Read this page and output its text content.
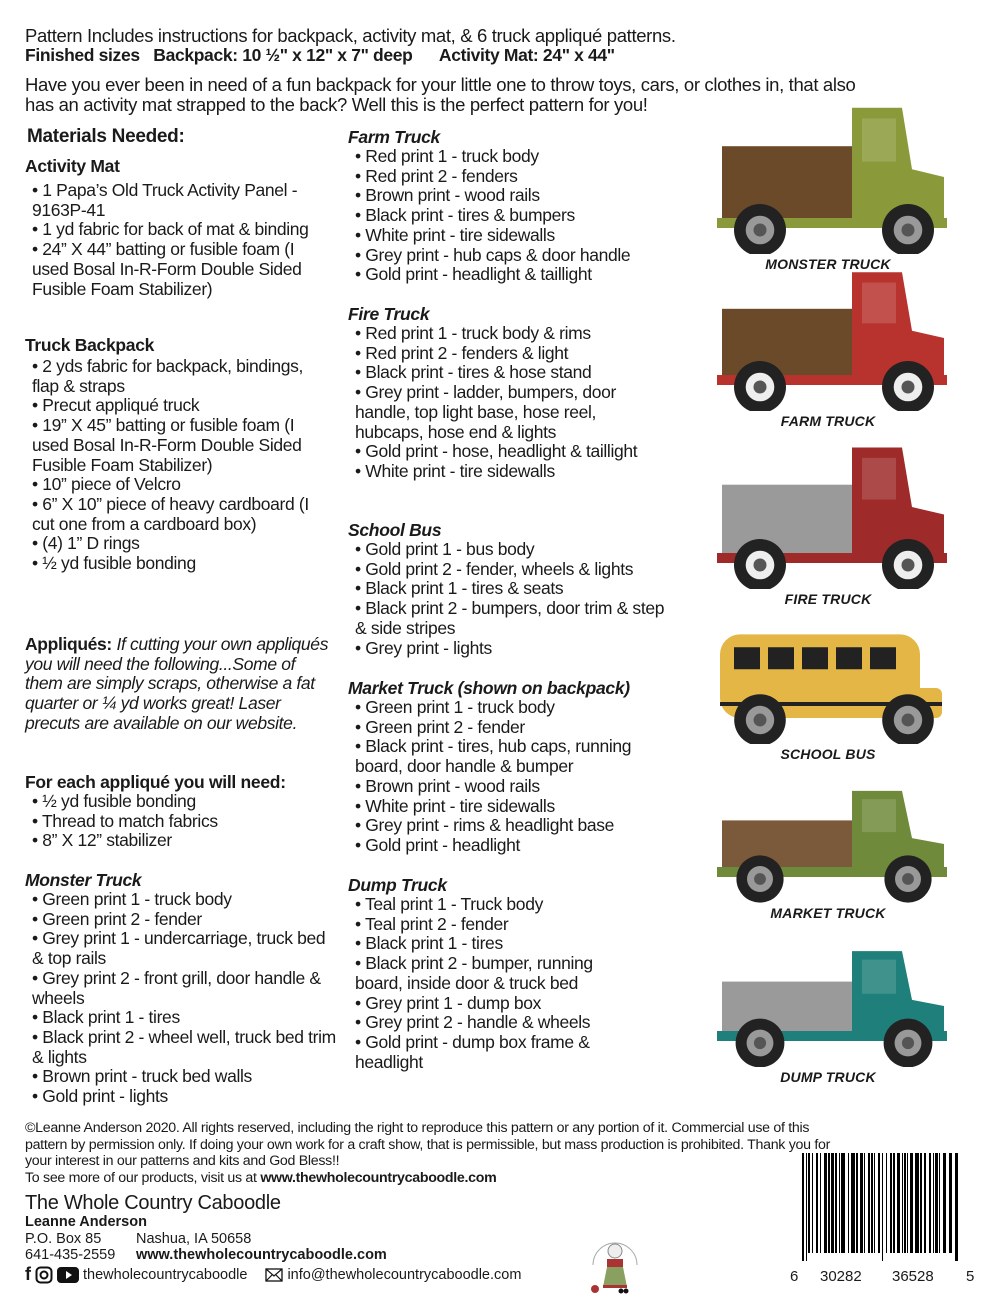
Pattern Includes instructions for backpack, activity mat, & 6 truck appliqué patterns.
Finished sizes Backpack: 10 ½" x 12" x 7" deep Activity Mat: 24" x 44"
Have you ever been in need of a fun backpack for your little one to throw toys, cars, or clothes in, that also
has an activity mat strapped to the back? Well this is the perfect pattern for you!
Materials Needed:
Activity Mat
• 1 Papa’s Old Truck Activity Panel - 9163P-41
• 1 yd fabric for back of mat & binding
• 24” X 44” batting or fusible foam (I used Bosal In-R-Form Double Sided Fusible Foam Stabilizer)
Truck Backpack
• 2 yds fabric for backpack, bindings, flap & straps
• Precut appliqué truck
• 19” X 45” batting or fusible foam (I used Bosal In-R-Form Double Sided Fusible Foam Stabilizer)
• 10” piece of Velcro
• 6” X 10” piece of heavy cardboard (I cut one from a cardboard box)
• (4) 1” D rings
• ½ yd fusible bonding
Appliqués: If cutting your own appliqués you will need the following...Some of them are simply scraps, otherwise a fat quarter or ¼ yd works great! Laser precuts are available on our website.
For each appliqué you will need:
• ½ yd fusible bonding
• Thread to match fabrics
• 8” X 12” stabilizer
Monster Truck
• Green print 1 - truck body
• Green print 2 - fender
• Grey print 1 - undercarriage, truck bed & top rails
• Grey print 2 - front grill, door handle & wheels
• Black print 1 - tires
• Black print 2 - wheel well, truck bed trim & lights
• Brown print - truck bed walls
• Gold print - lights
Farm Truck
• Red print 1 - truck body
• Red print 2 - fenders
• Brown print - wood rails
• Black print - tires & bumpers
• White print - tire sidewalls
• Grey print - hub caps & door handle
• Gold print - headlight & taillight
Fire Truck
• Red print 1 - truck body & rims
• Red print 2 - fenders & light
• Black print - tires & hose stand
• Grey print - ladder, bumpers, door handle, top light base, hose reel, hubcaps, hose end & lights
• Gold print - hose, headlight & taillight
• White print - tire sidewalls
School Bus
• Gold print 1 - bus body
• Gold print 2 - fender, wheels & lights
• Black print 1 - tires & seats
• Black print 2 - bumpers, door trim & step & side stripes
• Grey print - lights
Market Truck (shown on backpack)
• Green print 1 - truck body
• Green print 2 - fender
• Black print - tires, hub caps, running board, door handle & bumper
• Brown print - wood rails
• White print - tire sidewalls
• Grey print - rims & headlight base
• Gold print - headlight
Dump Truck
• Teal print 1 - Truck body
• Teal print 2 - fender
• Black print 1 - tires
• Black print 2 - bumper, running board, inside door & truck bed
• Grey print 1 - dump box
• Grey print 2 - handle & wheels
• Gold print - dump box frame & headlight
©Leanne Anderson 2020. All rights reserved, including the right to reproduce this pattern or any portion of it. Commercial use of this
pattern by permission only. If doing your own work for a craft show, that is permissible, but mass production is prohibited. Thank you for
your interest in our patterns and kits and God Bless!!
To see more of our products, visit us at www.thewholecountrycaboodle.com
The Whole Country Caboodle
Leanne Anderson
P.O. Box 85 Nashua, IA 50658
641-435-2559 www.thewholecountrycaboodle.com
f	thewholecountrycaboodle	info@thewholecountrycaboodle.com	6 30282 36528 5
MONSTER TRUCK
FARM TRUCK
FIRE TRUCK
SCHOOL BUS
MARKET TRUCK
DUMP TRUCK
